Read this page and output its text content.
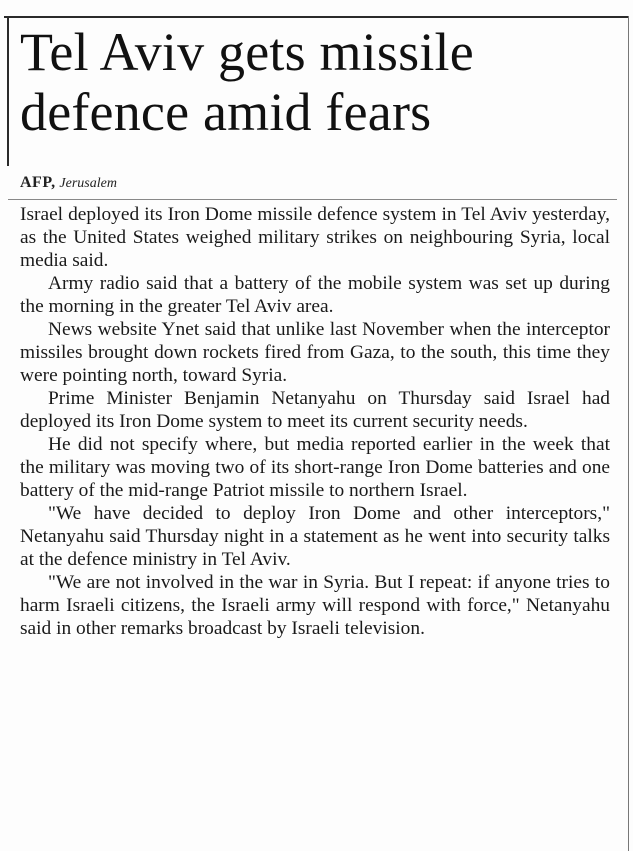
Tel Aviv gets missile defence amid fears

AFP, Jerusalem

Israel deployed its Iron Dome missile defence system in Tel Aviv yesterday, as the United States weighed military strikes on neighbouring Syria, local media said.

Army radio said that a battery of the mobile system was set up during the morning in the greater Tel Aviv area.

News website Ynet said that unlike last November when the interceptor missiles brought down rockets fired from Gaza, to the south, this time they were pointing north, toward Syria.

Prime Minister Benjamin Netanyahu on Thursday said Israel had deployed its Iron Dome system to meet its current security needs.

He did not specify where, but media reported earlier in the week that the military was moving two of its short-range Iron Dome batteries and one battery of the mid-range Patriot missile to northern Israel.

"We have decided to deploy Iron Dome and other interceptors," Netanyahu said Thursday night in a statement as he went into security talks at the defence ministry in Tel Aviv.

"We are not involved in the war in Syria. But I repeat: if anyone tries to harm Israeli citizens, the Israeli army will respond with force," Netanyahu said in other remarks broadcast by Israeli television.
